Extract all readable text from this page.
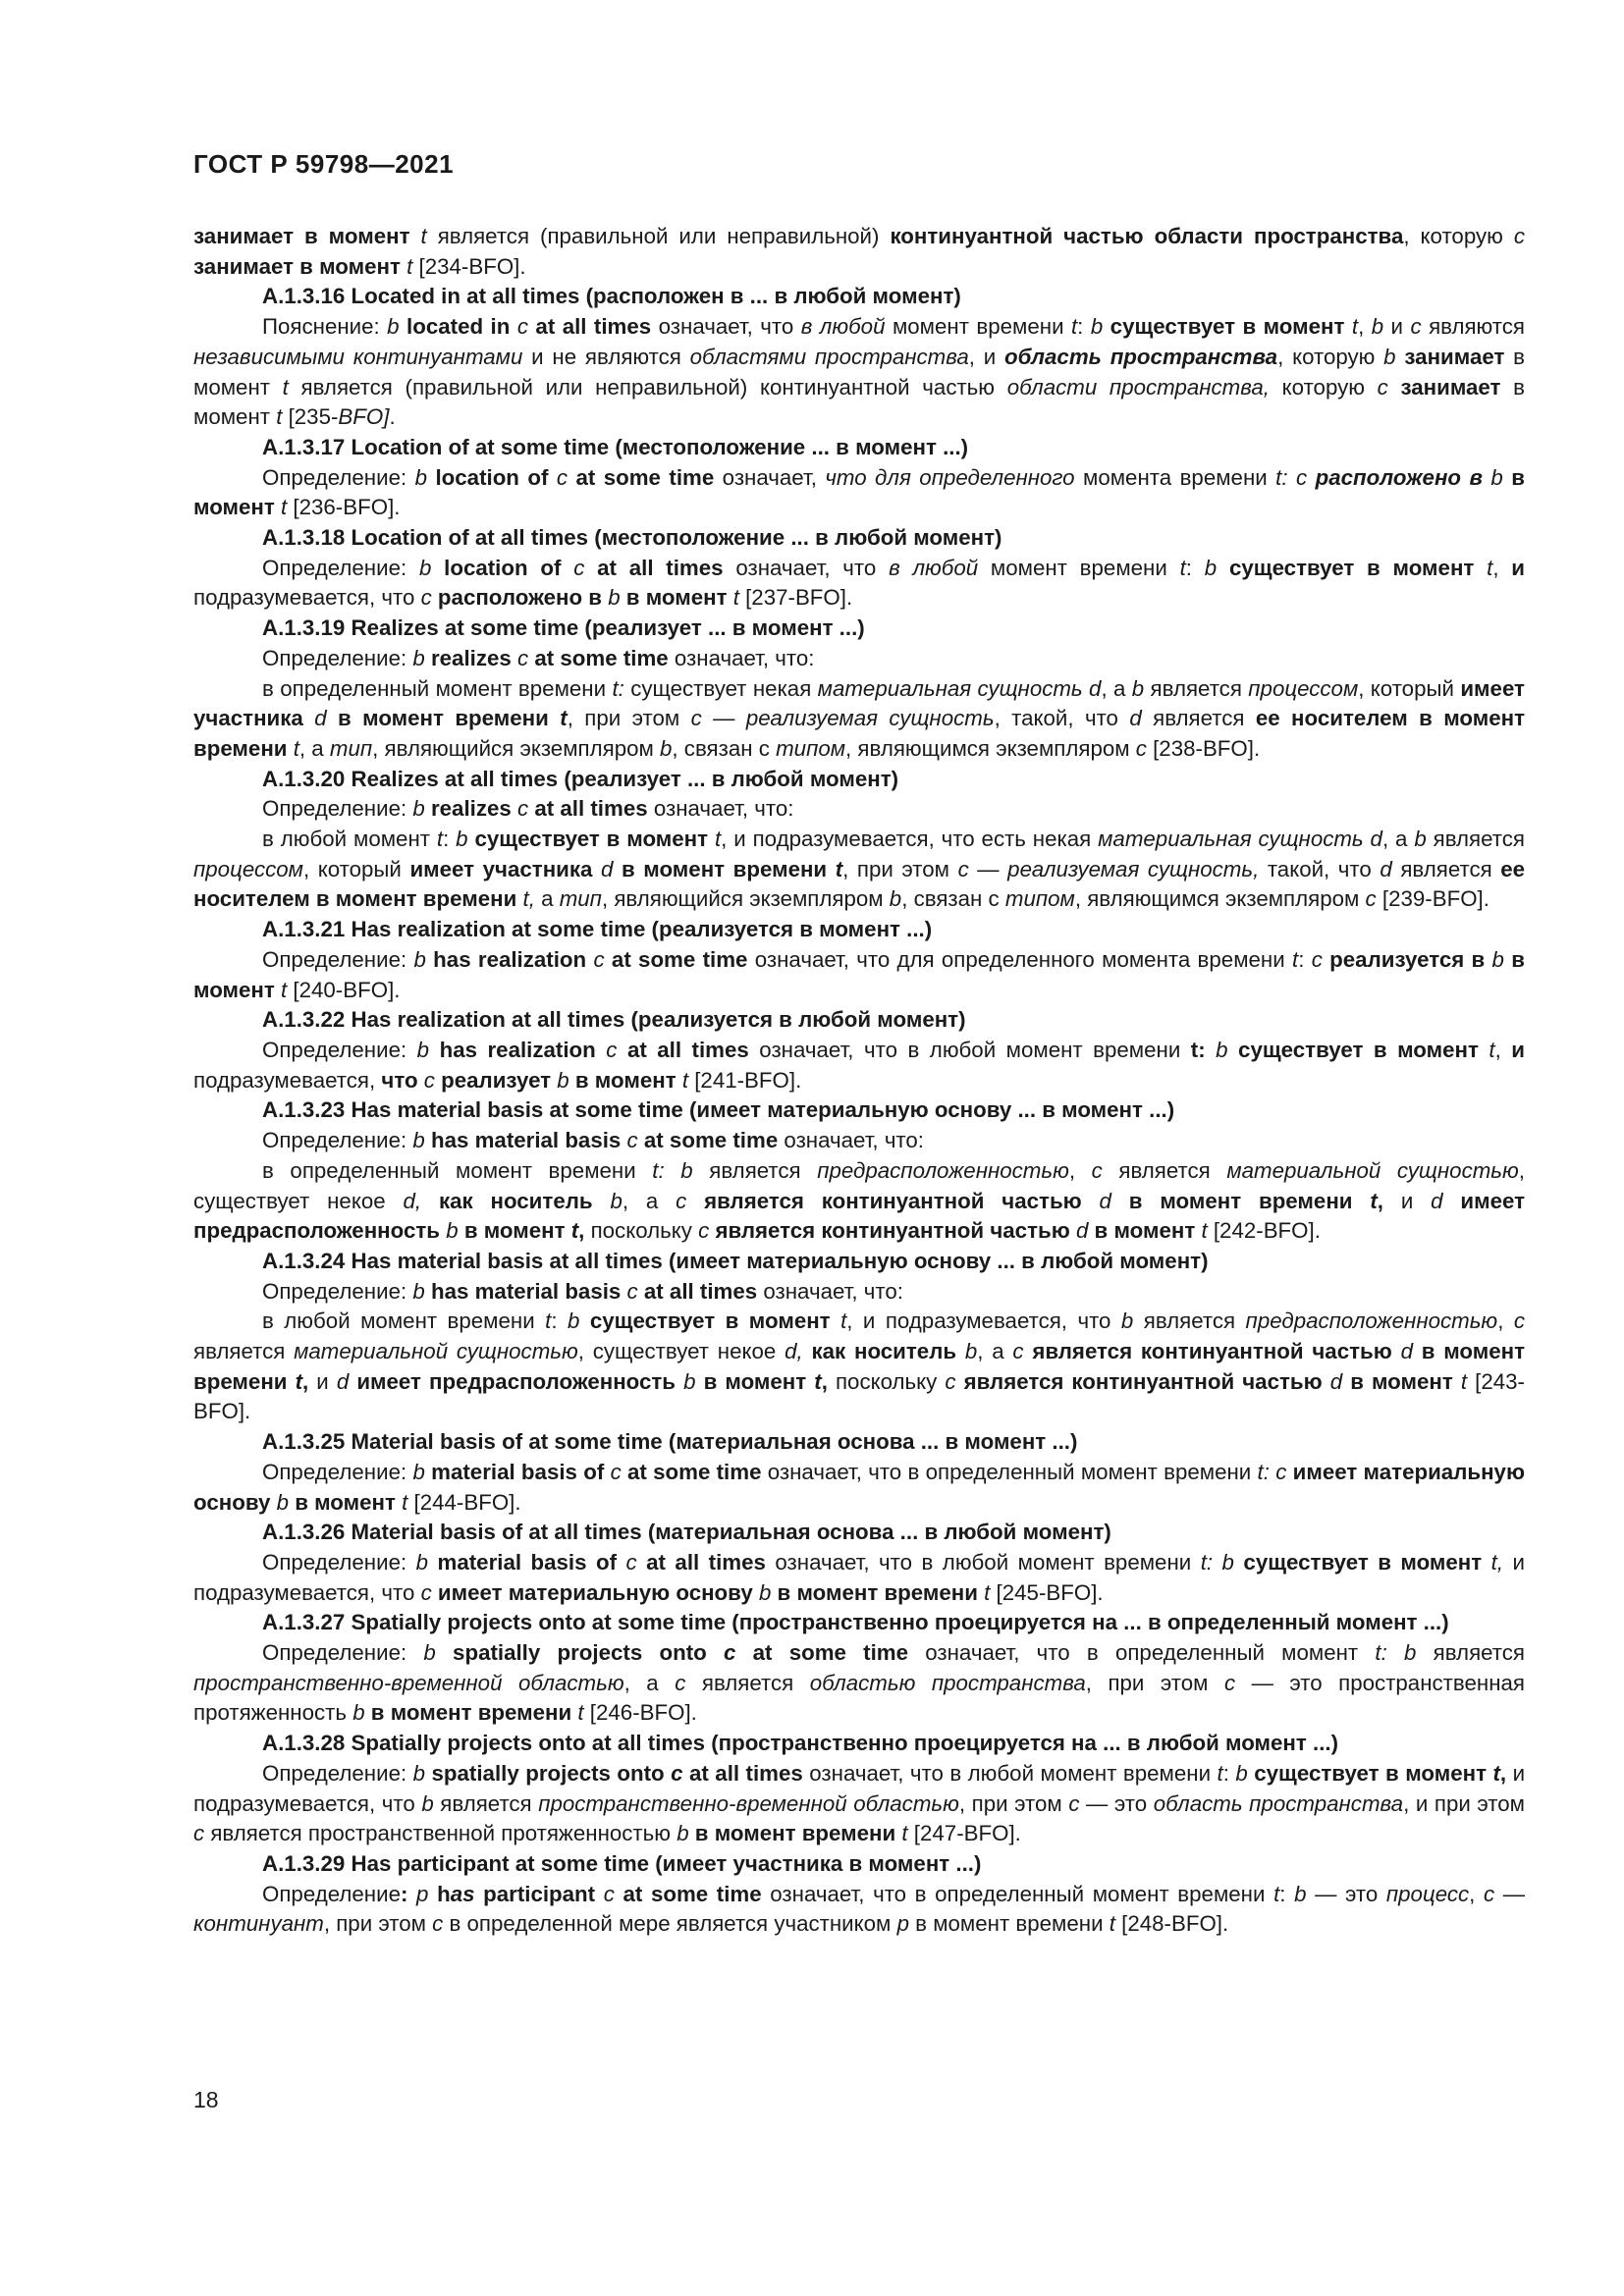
ГОСТ Р 59798—2021

занимает в момент t является (правильной или неправильной) континуантной частью области пространства, которую c занимает в момент t [234-BFO].

А.1.3.16 Located in at all times (расположен в ... в любой момент)

Пояснение: b located in c at all times означает, что в любой момент времени t: b существует в момент t, b и c являются независимыми континуантами и не являются областями пространства, и область пространства, которую b занимает в момент t является (правильной или неправильной) континуантной частью области пространства, которую c занимает в момент t [235-BFO].

А.1.3.17 Location of at some time (местоположение ... в момент ...)

Определение: b location of c at some time означает, что для определенного момента времени t: c расположено в b в момент t [236-BFO].

А.1.3.18 Location of at all times (местоположение ... в любой момент)

Определение: b location of c at all times означает, что в любой момент времени t: b существует в момент t, и подразумевается, что c расположено в b в момент t [237-BFO].

А.1.3.19 Realizes at some time (реализует ... в момент ...)

Определение: b realizes c at some time означает, что:

в определенный момент времени t: существует некая материальная сущность d, а b является процессом, который имеет участника d в момент времени t, при этом c — реализуемая сущность, такой, что d является ее носителем в момент времени t, а тип, являющийся экземпляром b, связан с типом, являющимся экземпляром c [238-BFO].

А.1.3.20 Realizes at all times (реализует ... в любой момент)

Определение: b realizes c at all times означает, что:

в любой момент t: b существует в момент t, и подразумевается, что есть некая материальная сущность d, а b является процессом, который имеет участника d в момент времени t, при этом c — реализуемая сущность, такой, что d является ее носителем в момент времени t, а тип, являющийся экземпляром b, связан с типом, являющимся экземпляром c [239-BFO].

А.1.3.21 Has realization at some time (реализуется в момент ...)

Определение: b has realization c at some time означает, что для определенного момента времени t: c реализуется в b в момент t [240-BFO].

А.1.3.22 Has realization at all times (реализуется в любой момент)

Определение: b has realization c at all times означает, что в любой момент времени t: b существует в момент t, и подразумевается, что c реализует b в момент t [241-BFO].

А.1.3.23 Has material basis at some time (имеет материальную основу ... в момент ...)

Определение: b has material basis c at some time означает, что:

в определенный момент времени t: b является предрасположенностью, c является материальной сущностью, существует некое d, как носитель b, а c является континуантной частью d в момент времени t, и d имеет предрасположенность b в момент t, поскольку c является континуантной частью d в момент t [242-BFO].

А.1.3.24 Has material basis at all times (имеет материальную основу ... в любой момент)

Определение: b has material basis c at all times означает, что:

в любой момент времени t: b существует в момент t, и подразумевается, что b является предрасположенностью, c является материальной сущностью, существует некое d, как носитель b, а c является континуантной частью d в момент времени t, и d имеет предрасположенность b в момент t, поскольку c является континуантной частью d в момент t [243-BFO].

А.1.3.25 Material basis of at some time (материальная основа ... в момент ...)

Определение: b material basis of c at some time означает, что в определенный момент времени t: c имеет материальную основу b в момент t [244-BFO].

А.1.3.26 Material basis of at all times (материальная основа ... в любой момент)

Определение: b material basis of c at all times означает, что в любой момент времени t: b существует в момент t, и подразумевается, что c имеет материальную основу b в момент времени t [245-BFO].

А.1.3.27 Spatially projects onto at some time (пространственно проецируется на ... в определенный момент ...)

Определение: b spatially projects onto c at some time означает, что в определенный момент t: b является пространственно-временной областью, а c является областью пространства, при этом c — это пространственная протяженность b в момент времени t [246-BFO].

А.1.3.28 Spatially projects onto at all times (пространственно проецируется на ... в любой момент ...)

Определение: b spatially projects onto c at all times означает, что в любой момент времени t: b существует в момент t, и подразумевается, что b является пространственно-временной областью, при этом c — это область пространства, и при этом c является пространственной протяженностью b в момент времени t [247-BFO].

А.1.3.29 Has participant at some time (имеет участника в момент ...)

Определение: p has participant c at some time означает, что в определенный момент времени t: b — это процесс, c — континуант, при этом c в определенной мере является участником p в момент времени t [248-BFO].

18
